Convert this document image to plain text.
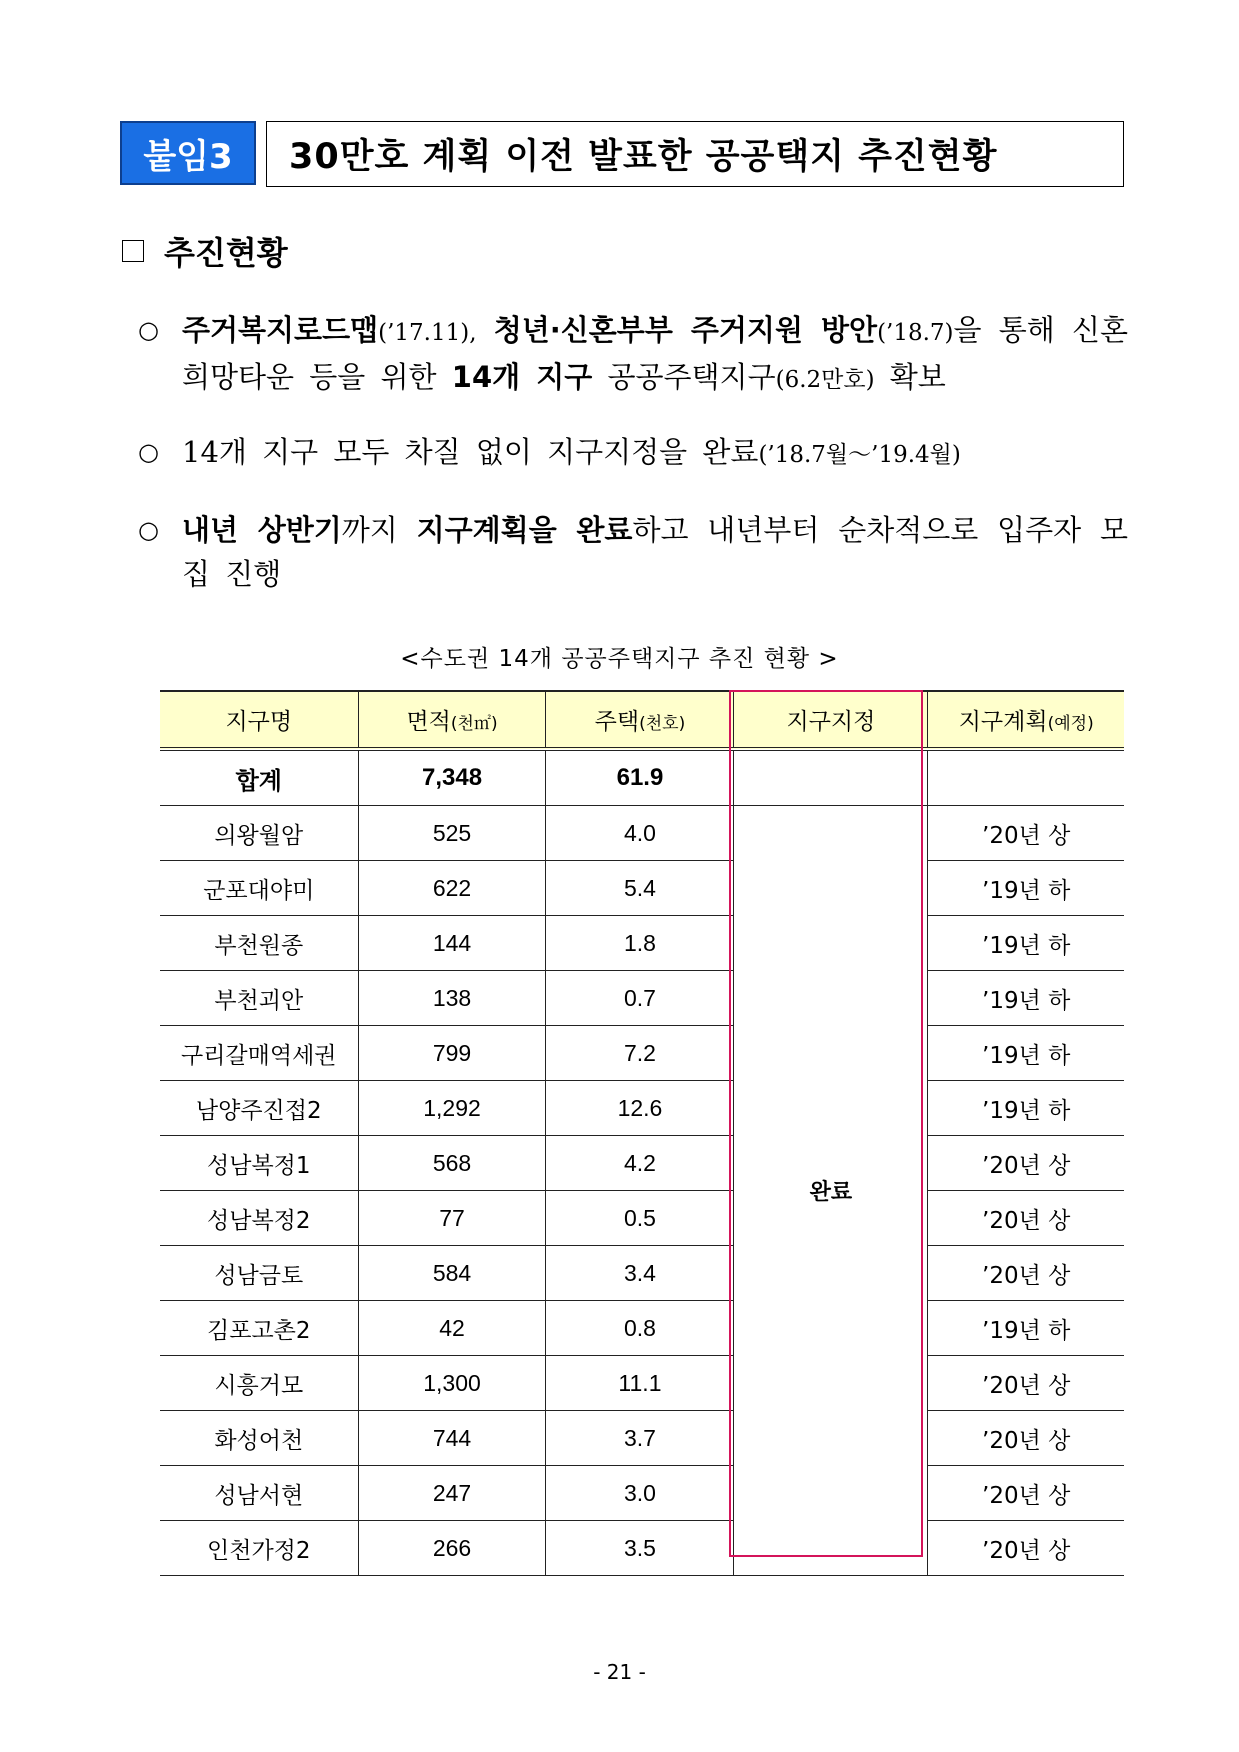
붙임3	30만호 계획 이전 발표한 공공택지 추진현황
추진현황
○ 주거복지로드맵(’17.11), 청년·신혼부부 주거지원 방안(’18.7)을 통해 신혼희망타운 등을 위한 14개 지구 공공주택지구(6.2만호) 확보
○ 14개 지구 모두 차질 없이 지구지정을 완료(’18.7월～’19.4월)
○ 내년 상반기까지 지구계획을 완료하고 내년부터 순차적으로 입주자 모집 진행
<수도권 14개 공공주택지구 추진 현황 >
지구명	면적(천㎡)	주택(천호)	지구지정	지구계획(예정)
합계	7,348	61.9		
의왕월암	525	4.0	완료	’20년 상
군포대야미	622	5.4		’19년 하
부천원종	144	1.8		’19년 하
부천괴안	138	0.7		’19년 하
구리갈매역세권	799	7.2		’19년 하
남양주진접2	1,292	12.6		’19년 하
성남복정1	568	4.2		’20년 상
성남복정2	77	0.5		’20년 상
성남금토	584	3.4		’20년 상
김포고촌2	42	0.8		’19년 하
시흥거모	1,300	11.1		’20년 상
화성어천	744	3.7		’20년 상
성남서현	247	3.0		’20년 상
인천가정2	266	3.5		’20년 상
- 21 -
